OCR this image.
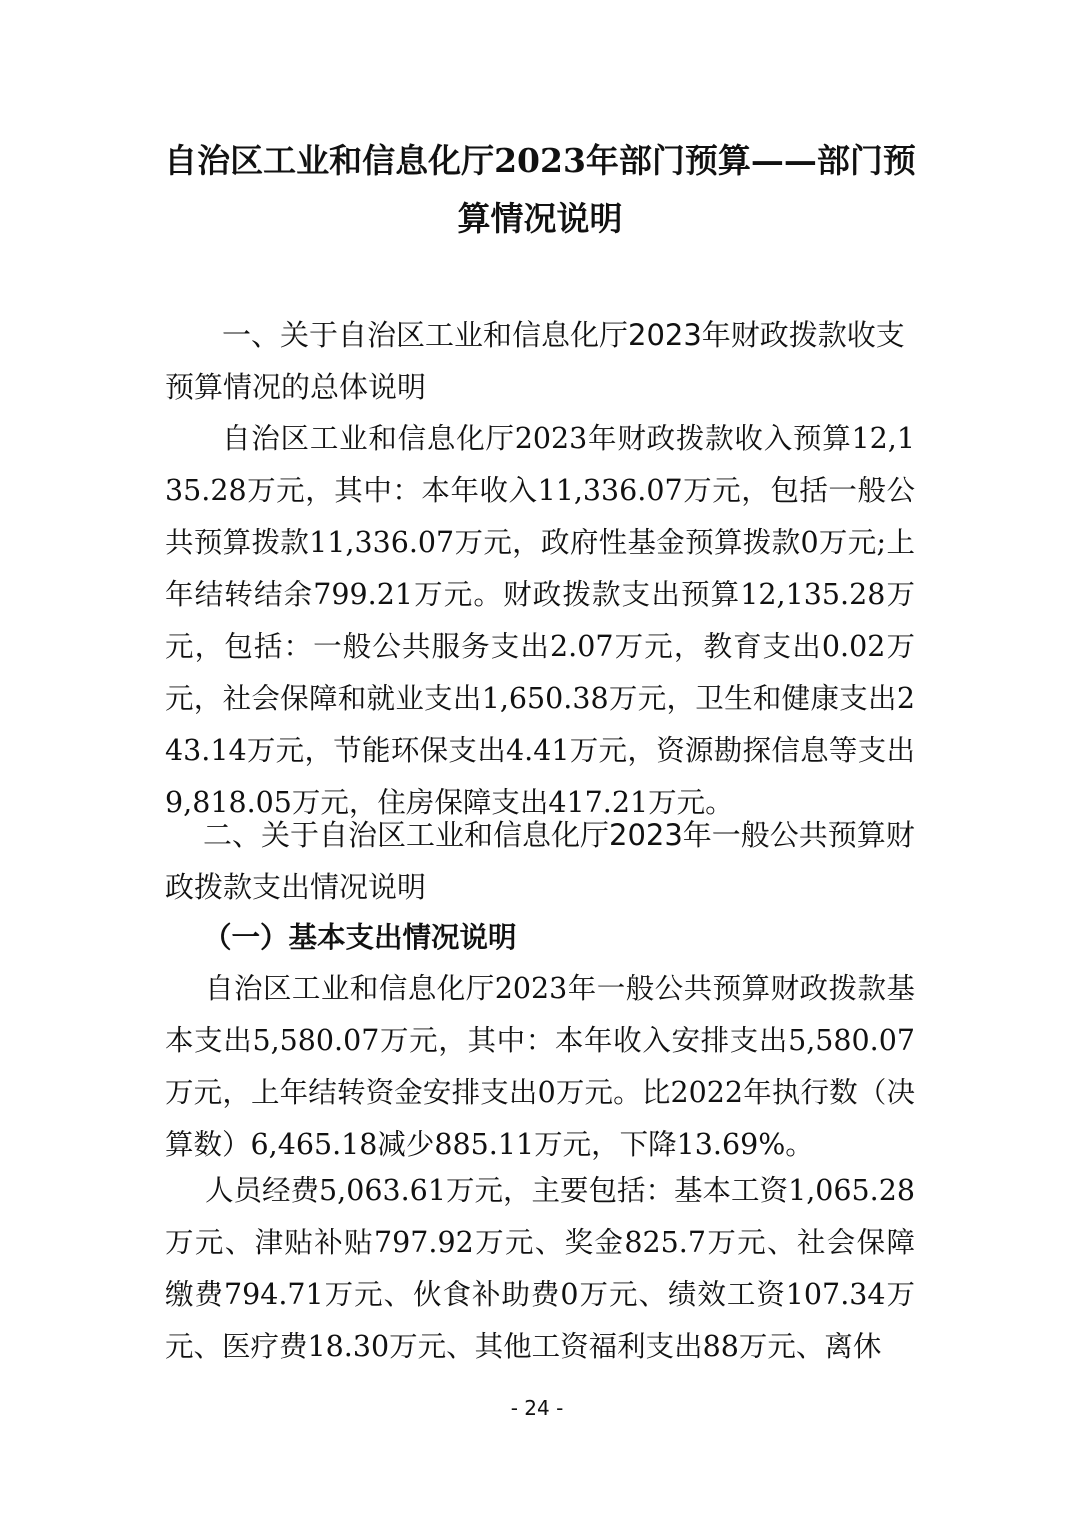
自治区工业和信息化厅2023年部门预算——部门预算情况说明
一、关于自治区工业和信息化厅2023年财政拨款收支预算情况的总体说明
自治区工业和信息化厅2023年财政拨款收入预算12,135.28万元，其中：本年收入11,336.07万元，包括一般公共预算拨款11,336.07万元，政府性基金预算拨款0万元;上年结转结余799.21万元。财政拨款支出预算12,135.28万元，包括：一般公共服务支出2.07万元，教育支出0.02万元，社会保障和就业支出1,650.38万元，卫生和健康支出243.14万元，节能环保支出4.41万元，资源勘探信息等支出9,818.05万元，住房保障支出417.21万元。
二、关于自治区工业和信息化厅2023年一般公共预算财政拨款支出情况说明
（一）基本支出情况说明
自治区工业和信息化厅2023年一般公共预算财政拨款基本支出5,580.07万元，其中：本年收入安排支出5,580.07万元，上年结转资金安排支出0万元。比2022年执行数（决算数）6,465.18减少885.11万元，下降13.69%。
人员经费5,063.61万元，主要包括：基本工资1,065.28万元、津贴补贴797.92万元、奖金825.7万元、社会保障缴费794.71万元、伙食补助费0万元、绩效工资107.34万元、医疗费18.30万元、其他工资福利支出88万元、离休
- 24 -
